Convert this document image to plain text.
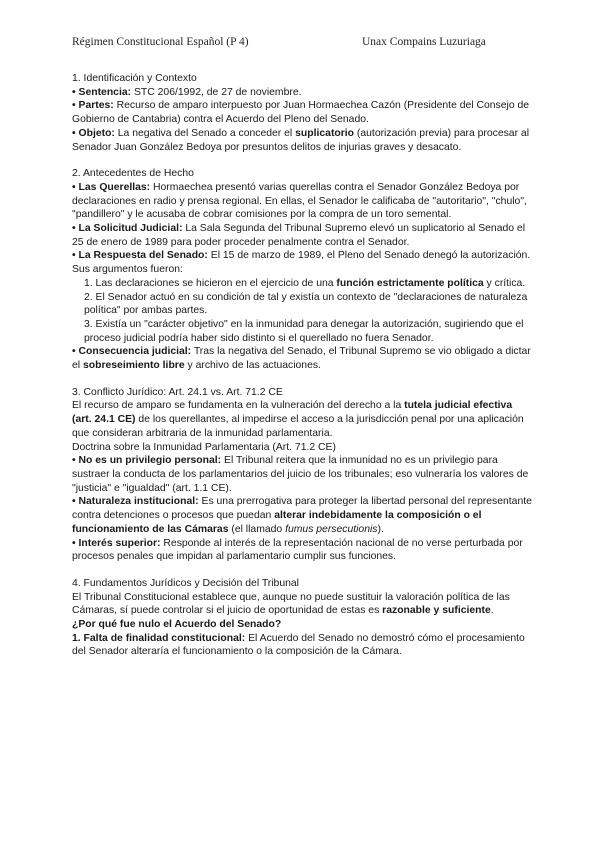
Régimen Constitucional Español (P 4)	Unax Compains Luzuriaga

1. Identificación y Contexto

• Sentencia: STC 206/1992, de 27 de noviembre.

• Partes: Recurso de amparo interpuesto por Juan Hormaechea Cazón (Presidente del Consejo de Gobierno de Cantabria) contra el Acuerdo del Pleno del Senado.

• Objeto: La negativa del Senado a conceder el suplicatorio (autorización previa) para procesar al Senador Juan González Bedoya por presuntos delitos de injurias graves y desacato.

2. Antecedentes de Hecho

• Las Querellas: Hormaechea presentó varias querellas contra el Senador González Bedoya por declaraciones en radio y prensa regional. En ellas, el Senador le calificaba de "autoritario", "chulo", "pandillero" y le acusaba de cobrar comisiones por la compra de un toro semental.

• La Solicitud Judicial: La Sala Segunda del Tribunal Supremo elevó un suplicatorio al Senado el 25 de enero de 1989 para poder proceder penalmente contra el Senador.

• La Respuesta del Senado: El 15 de marzo de 1989, el Pleno del Senado denegó la autorización. Sus argumentos fueron:

1. Las declaraciones se hicieron en el ejercicio de una función estrictamente política y crítica.

2. El Senador actuó en su condición de tal y existía un contexto de "declaraciones de naturaleza política" por ambas partes.

3. Existía un "carácter objetivo" en la inmunidad para denegar la autorización, sugiriendo que el proceso judicial podría haber sido distinto si el querellado no fuera Senador.

• Consecuencia judicial: Tras la negativa del Senado, el Tribunal Supremo se vio obligado a dictar el sobreseimiento libre y archivo de las actuaciones.

3. Conflicto Jurídico: Art. 24.1 vs. Art. 71.2 CE

El recurso de amparo se fundamenta en la vulneración del derecho a la tutela judicial efectiva (art. 24.1 CE) de los querellantes, al impedirse el acceso a la jurisdicción penal por una aplicación que consideran arbitraria de la inmunidad parlamentaria.

Doctrina sobre la Inmunidad Parlamentaria (Art. 71.2 CE)

• No es un privilegio personal: El Tribunal reitera que la inmunidad no es un privilegio para sustraer la conducta de los parlamentarios del juicio de los tribunales; eso vulneraría los valores de "justicia" e "igualdad" (art. 1.1 CE).

• Naturaleza institucional: Es una prerrogativa para proteger la libertad personal del representante contra detenciones o procesos que puedan alterar indebidamente la composición o el funcionamiento de las Cámaras (el llamado fumus persecutionis).

• Interés superior: Responde al interés de la representación nacional de no verse perturbada por procesos penales que impidan al parlamentario cumplir sus funciones.

4. Fundamentos Jurídicos y Decisión del Tribunal

El Tribunal Constitucional establece que, aunque no puede sustituir la valoración política de las Cámaras, sí puede controlar si el juicio de oportunidad de estas es razonable y suficiente.

¿Por qué fue nulo el Acuerdo del Senado?

1. Falta de finalidad constitucional: El Acuerdo del Senado no demostró cómo el procesamiento del Senador alteraría el funcionamiento o la composición de la Cámara.
